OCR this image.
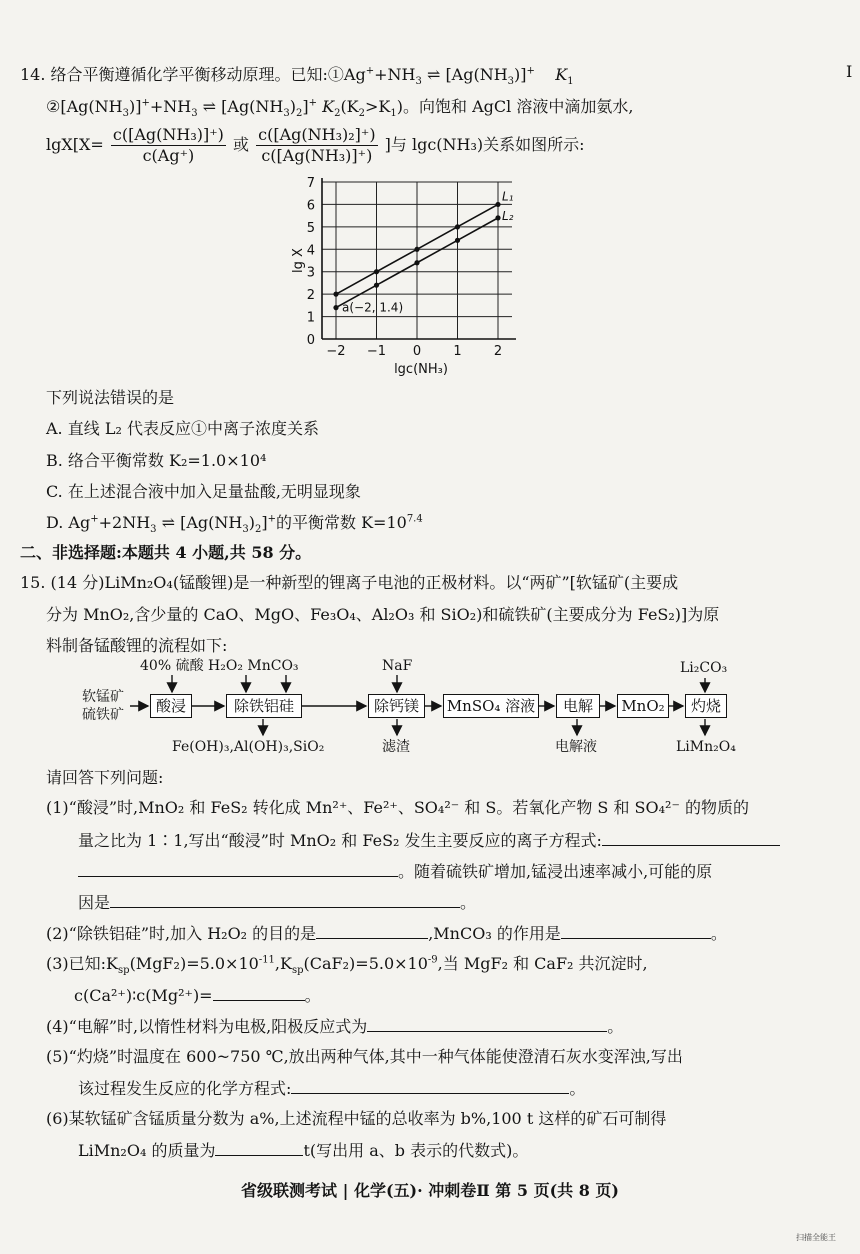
14. 络合平衡遵循化学平衡移动原理。已知$:①Ag^++NH_3$ ⇌ $[Ag(NH_3)]^+$ $K_1$
$②[Ag(NH_3)]^++NH_3$ ⇌ $[Ag(NH_3)_2]^+$ $K_2(K_2>K_1)$。向饱和 AgCl 溶液中滴加氨水,
$\lg X[X= \frac{\text{c([Ag(NH₃)]⁺)}}{c(Ag^+)}$ 或 $\frac{\text{c([Ag(NH₃)₂]⁺)}}{\text{c([Ag(NH₃)]⁺)}}$ ]与 lgc(NH₃)关系如图所示:
0
1
2
3
4
5
6
7
−2 −1 0 1 2
lgc(NH₃)
lg X
L₁
L₂
a(−2, 1.4)
下列说法错误的是
A. 直线 L₂ 代表反应①中离子浓度关系
B. 络合平衡常数 K₂=1.0×10⁴
C. 在上述混合液中加入足量盐酸,无明显现象
D. $Ag^++2NH_3$ ⇌ $[Ag(NH_3)_2]^+$的平衡常数 $K=10^{7.4}$
二、非选择题:本题共 4 小题,共 58 分。
15. (14 分)LiMn₂O₄(锰酸锂)是一种新型的锂离子电池的正极材料。以“两矿”[软锰矿(主要成
分为 MnO₂,含少量的 CaO、MgO、Fe₃O₄、Al₂O₃ 和 SiO₂)和硫铁矿(主要成分为 FeS₂)]为原
料制备锰酸锂的流程如下:
软锰矿
硫铁矿
40% 硫酸 H₂O₂ MnCO₃	NaF	Li₂CO₃
酸浸	除铁铝硅	除钙镁	MnSO₄ 溶液	电解	MnO₂	灼烧
Fe(OH)₃,Al(OH)₃,SiO₂	滤渣	电解液	LiMn₂O₄
请回答下列问题:
(1)“酸浸”时,MnO₂ 和 FeS₂ 转化成 Mn²⁺、Fe²⁺、SO₄²⁻ 和 S。若氧化产物 S 和 SO₄²⁻ 的物质的
量之比为 1∶1,写出“酸浸”时 MnO₂ 和 FeS₂ 发生主要反应的离子方程式:
。随着硫铁矿增加,锰浸出速率减小,可能的原
因是	。
(2)“除铁铝硅”时,加入 H₂O₂ 的目的是	,MnCO₃ 的作用是	。
(3)已知$:K_{sp}(MgF_2)=5.0\times 10^{-11},K_{sp}(CaF_2)=5.0\times 10^{-9}$,当 MgF₂ 和 CaF₂ 共沉淀时,
c(Ca²⁺)∶c(Mg²⁺)=	。
(4)“电解”时,以惰性材料为电极,阳极反应式为	。
(5)“灼烧”时温度在 600~750 ℃,放出两种气体,其中一种气体能使澄清石灰水变浑浊,写出
该过程发生反应的化学方程式:	。
(6)某软锰矿含锰质量分数为 a%,上述流程中锰的总收率为 b%,100 t 这样的矿石可制得
LiMn₂O₄ 的质量为	t(写出用 a、b 表示的代数式)。
省级联测考试 | 化学(五)· 冲刺卷Ⅱ 第 5 页(共 8 页)
I
扫描全能王
